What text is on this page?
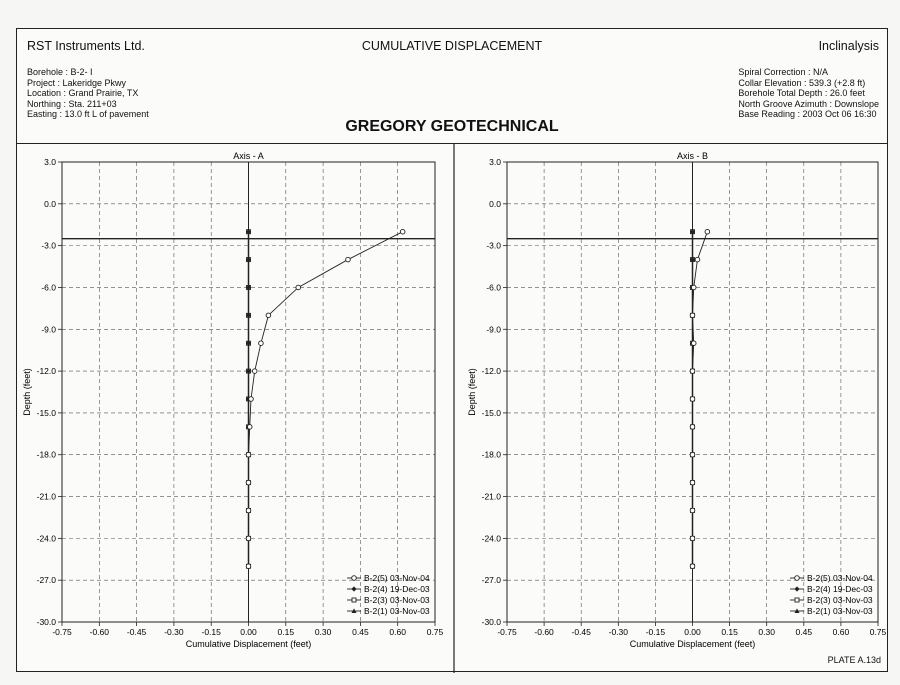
RST Instruments Ltd.	CUMULATIVE DISPLACEMENT	Inclinalysis
Borehole : B-2- I
Project : Lakeridge Pkwy
Location : Grand Prairie, TX
Northing : Sta. 211+03
Easting : 13.0 ft L of pavement
Spiral Correction : N/A
Collar Elevation : 539.3 (+2.8 ft)
Borehole Total Depth : 26.0 feet
North Groove Azimuth : Downslope
Base Reading : 2003 Oct 06 16:30
GREGORY GEOTECHNICAL
Axis - A
-0.75 -0.60 -0.45 -0.30 -0.15 0.00 0.15 0.30 0.45 0.60 0.75
3.0
0.0
-3.0
-6.0
-9.0
-12.0
-15.0
-18.0
-21.0
-24.0
-27.0
-30.0
Cumulative Displacement (feet)
Depth (feet)
B-2(5) 03-Nov-04
B-2(4) 19-Dec-03
B-2(3) 03-Nov-03
B-2(1) 03-Nov-03
Axis - B
-0.75 -0.60 -0.45 -0.30 -0.15 0.00 0.15 0.30 0.45 0.60 0.75
3.0
0.0
-3.0
-6.0
-9.0
-12.0
-15.0
-18.0
-21.0
-24.0
-27.0
-30.0
Cumulative Displacement (feet)
Depth (feet)
B-2(5) 03-Nov-04
B-2(4) 19-Dec-03
B-2(3) 03-Nov-03
B-2(1) 03-Nov-03
PLATE A.13d
